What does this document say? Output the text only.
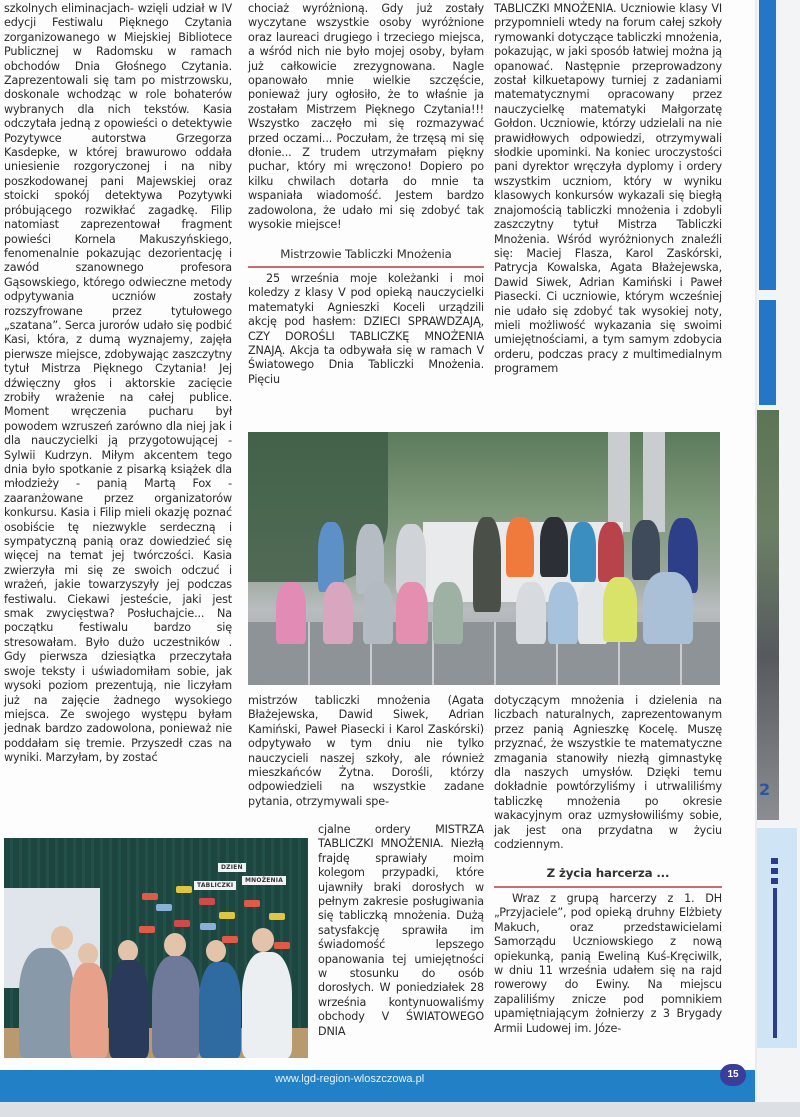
szkolnych eliminacjach- wzięli udział w IV edycji Festiwalu Pięknego Czytania zorganizowanego w Miejskiej Bibliotece Publicznej w Radomsku w ramach obchodów Dnia Głośnego Czytania. Zaprezentowali się tam po mistrzowsku, doskonale wchodząc w role bohaterów wybranych dla nich tekstów. Kasia odczytała jedną z opowieści o detektywie Pozytywce autorstwa Grzegorza Kasdepke, w której brawurowo oddała uniesienie rozgoryczonej i na niby poszkodowanej pani Majewskiej oraz stoicki spokój detektywa Pozytywki próbującego rozwikłać zagadkę. Filip natomiast zaprezentował fragment powieści Kornela Makuszyńskiego, fenomenalnie pokazując dezorientację i zawód szanownego profesora Gąsowskiego, którego odwieczne metody odpytywania uczniów zostały rozszyfrowane przez tytułowego „szatana”. Serca jurorów udało się podbić Kasi, która, z dumą wyznajemy, zajęła pierwsze miejsce, zdobywając zaszczytny tytuł Mistrza Pięknego Czytania! Jej dźwięczny głos i aktorskie zacięcie zrobiły wrażenie na całej publice. Moment wręczenia pucharu był powodem wzruszeń zarówno dla niej jak i dla nauczycielki ją przygotowującej - Sylwii Kudrzyn. Miłym akcentem tego dnia było spotkanie z pisarką książek dla młodzieży - panią Martą Fox - zaaranżowane przez organizatorów konkursu. Kasia i Filip mieli okazję poznać osobiście tę niezwykle serdeczną i sympatyczną panią oraz dowiedzieć się więcej na temat jej twórczości. Kasia zwierzyła mi się ze swoich odczuć i wrażeń, jakie towarzyszyły jej podczas festiwalu. Ciekawi jesteście, jaki jest smak zwycięstwa? Posłuchajcie... Na początku festiwalu bardzo się stresowałam. Było dużo uczestników . Gdy pierwsza dziesiątka przeczytała swoje teksty i uświadomiłam sobie, jak wysoki poziom prezentują, nie liczyłam już na zajęcie żadnego wysokiego miejsca. Ze swojego występu byłam jednak bardzo zadowolona, ponieważ nie poddałam się tremie. Przyszedł czas na wyniki. Marzyłam, by zostać

chociaż wyróżnioną. Gdy już zostały wyczytane wszystkie osoby wyróżnione oraz laureaci drugiego i trzeciego miejsca, a wśród nich nie było mojej osoby, byłam już całkowicie zrezygnowana. Nagle opanowało mnie wielkie szczęście, ponieważ jury ogłosiło, że to właśnie ja zostałam Mistrzem Pięknego Czytania!!! Wszystko zaczęło mi się rozmazywać przed oczami... Poczułam, że trzęsą mi się dłonie... Z trudem utrzymałam piękny puchar, który mi wręczono! Dopiero po kilku chwilach dotarła do mnie ta wspaniała wiadomość. Jestem bardzo zadowolona, że udało mi się zdobyć tak wysokie miejsce!

Mistrzowie Tabliczki Mnożenia

25 września moje koleżanki i moi koledzy z klasy V pod opieką nauczycielki matematyki Agnieszki Koceli urządzili akcję pod hasłem: DZIECI SPRAWDZAJĄ, CZY DOROŚLI TABLICZKĘ MNOŻENIA ZNAJĄ. Akcja ta odbywała się w ramach V Światowego Dnia Tabliczki Mnożenia. Pięciu

TABLICZKI MNOŻENIA. Uczniowie klasy VI przypomnieli wtedy na forum całej szkoły rymowanki dotyczące tabliczki mnożenia, pokazując, w jaki sposób łatwiej można ją opanować. Następnie przeprowadzony został kilkuetapowy turniej z zadaniami matematycznymi opracowany przez nauczycielkę matematyki Małgorzatę Gołdon. Uczniowie, którzy udzielali na nie prawidłowych odpowiedzi, otrzymywali słodkie upominki. Na koniec uroczystości pani dyrektor wręczyła dyplomy i ordery wszystkim uczniom, który w wyniku klasowych konkursów wykazali się biegłą znajomością tabliczki mnożenia i zdobyli zaszczytny tytuł Mistrza Tabliczki Mnożenia. Wśród wyróżnionych znaleźli się: Maciej Flasza, Karol Zaskórski, Patrycja Kowalska, Agata Błażejewska, Dawid Siwek, Adrian Kamiński i Paweł Piasecki. Ci uczniowie, którym wcześniej nie udało się zdobyć tak wysokiej noty, mieli możliwość wykazania się swoimi umiejętnościami, a tym samym zdobycia orderu, podczas pracy z multimedialnym programem

mistrzów tabliczki mnożenia (Agata Błażejewska, Dawid Siwek, Adrian Kamiński, Paweł Piasecki i Karol Zaskórski) odpytywało w tym dniu nie tylko nauczycieli naszej szkoły, ale również mieszkańców Żytna. Dorośli, którzy odpowiedzieli na wszystkie zadane pytania, otrzymywali spe-

cjalne ordery MISTRZA TABLICZKI MNOŻENIA. Niezłą frajdę sprawiały moim kolegom przypadki, które ujawniły braki dorosłych w pełnym zakresie posługiwania się tabliczką mnożenia. Dużą satysfakcję sprawiła im świadomość lepszego opanowania tej umiejętności w stosunku do osób dorosłych. W poniedziałek 28 września kontynuowaliśmy obchody V ŚWIATOWEGO DNIA

dotyczącym mnożenia i dzielenia na liczbach naturalnych, zaprezentowanym przez panią Agnieszkę Kocelę. Muszę przyznać, że wszystkie te matematyczne zmagania stanowiły niezłą gimnastykę dla naszych umysłów. Dzięki temu dokładnie powtórzyliśmy i utrwaliliśmy tabliczkę mnożenia po okresie wakacyjnym oraz uzmysłowiliśmy sobie, jak jest ona przydatna w życiu codziennym.

Z życia harcerza ...

Wraz z grupą harcerzy z 1. DH „Przyjaciele”, pod opieką druhny Elżbiety Makuch, oraz przedstawicielami Samorządu Uczniowskiego z nową opiekunką, panią Eweliną Kuś-Kręciwilk, w dniu 11 września udałem się na rajd rowerowy do Ewiny. Na miejscu zapaliliśmy znicze pod pomnikiem upamiętniającym żołnierzy z 3 Brygady Armii Ludowej im. Józe-

DZIEŃ
TABLICZKI
MNOŻENIA
2
www.lgd-region-wloszczowa.pl	15
